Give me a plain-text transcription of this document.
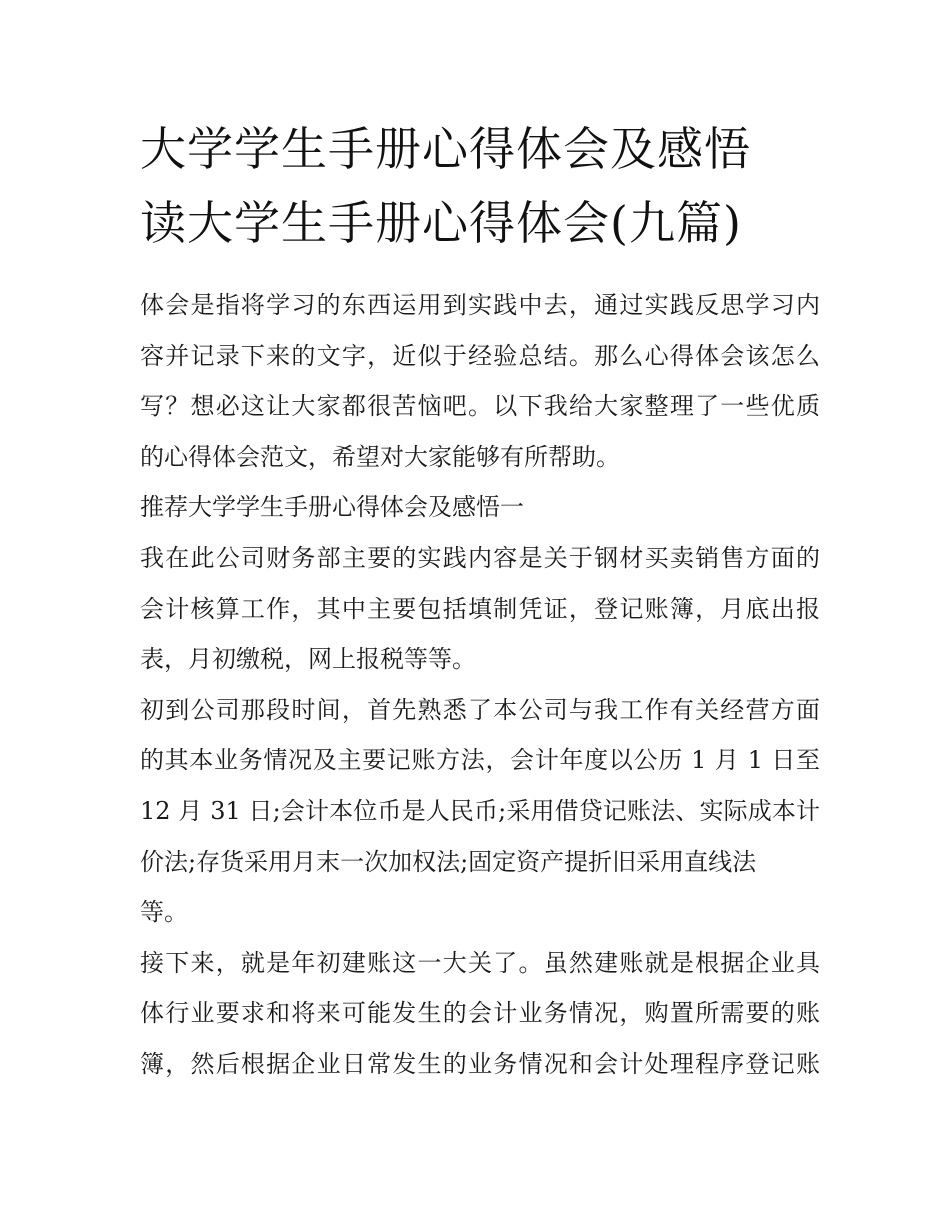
大学学生手册心得体会及感悟
读大学生手册心得体会(九篇)

体会是指将学习的东西运用到实践中去，通过实践反思学习内
容并记录下来的文字，近似于经验总结。那么心得体会该怎么
写？想必这让大家都很苦恼吧。以下我给大家整理了一些优质
的心得体会范文，希望对大家能够有所帮助。

推荐大学学生手册心得体会及感悟一

我在此公司财务部主要的实践内容是关于钢材买卖销售方面的
会计核算工作，其中主要包括填制凭证，登记账簿，月底出报
表，月初缴税，网上报税等等。

初到公司那段时间，首先熟悉了本公司与我工作有关经营方面
的其本业务情况及主要记账方法，会计年度以公历 1 月 1 日至
12 月 31 日;会计本位币是人民币;采用借贷记账法、实际成本计
价法;存货采用月末一次加权法;固定资产提折旧采用直线法
等。

接下来，就是年初建账这一大关了。虽然建账就是根据企业具
体行业要求和将来可能发生的会计业务情况，购置所需要的账
簿，然后根据企业日常发生的业务情况和会计处理程序登记账
